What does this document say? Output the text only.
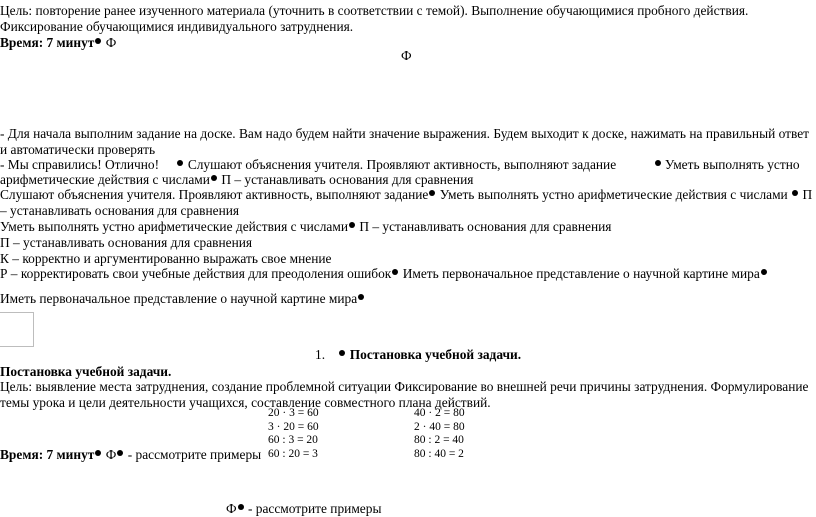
Цель: повторение ранее изученного материала (уточнить в соответствии с темой). Выполнение обучающимися пробного действия.
Фиксирование обучающимися индивидуального затруднения.
Время: 7 минут Ф
Ф
- Для начала выполним задание на доске. Вам надо будем найти значение выражения. Будем выходит к доске, нажимать на правильный ответ
и автоматически проверять
- Мы справились! Отлично! Слушают объяснения учителя. Проявляют активность, выполняют задание	Уметь выполнять устно
арифметические действия с числами П – устанавливать основания для сравнения
Слушают объяснения учителя. Проявляют активность, выполняют задание Уметь выполнять устно арифметические действия с числами П
– устанавливать основания для сравнения
Уметь выполнять устно арифметические действия с числами П – устанавливать основания для сравнения
П – устанавливать основания для сравнения
К – корректно и аргументированно выражать свое мнение
Р – корректировать свои учебные действия для преодоления ошибок Иметь первоначальное представление о научной картине мира
Иметь первоначальное представление о научной картине мира
1. Постановка учебной задачи.
Постановка учебной задачи.
Цель: выявление места затруднения, создание проблемной ситуации Фиксирование во внешней речи причины затруднения. Формулирование
темы урока и цели деятельности учащихся, составление совместного плана действий.
20 · 3 = 60
3 · 20 = 60
60 : 3 = 20
60 : 20 = 3
40 · 2 = 80
2 · 40 = 80
80 : 2 = 40
80 : 40 = 2
Время: 7 минут Ф - рассмотрите примеры
Ф - рассмотрите примеры
